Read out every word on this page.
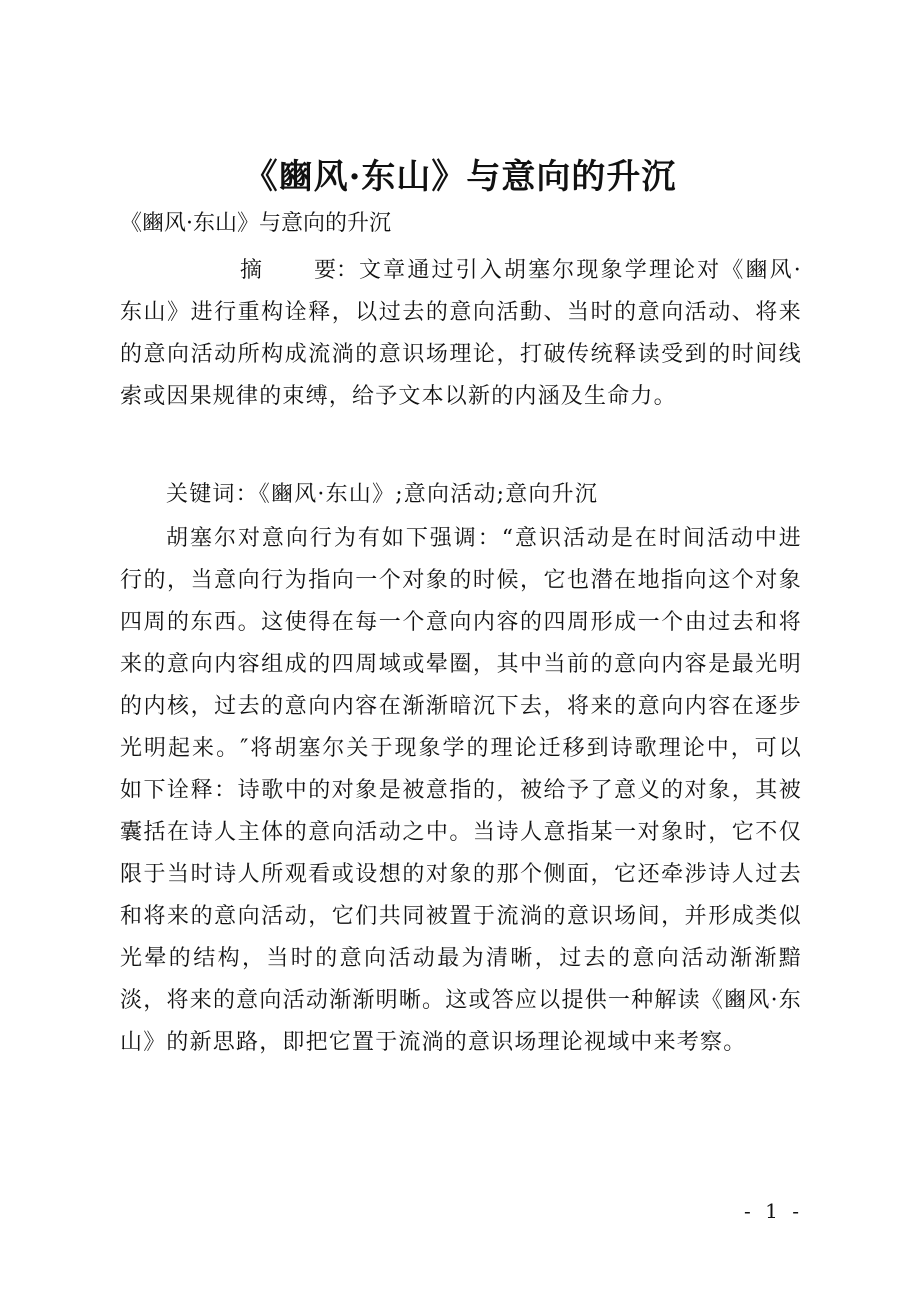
《豳风·东山》与意向的升沉
《豳风·东山》与意向的升沉
摘 要：文章通过引入胡塞尔现象学理论对《豳风·东山》进行重构诠释，以过去的意向活動、当时的意向活动、将来的意向活动所构成流淌的意识场理论，打破传统释读受到的时间线索或因果规律的束缚，给予文本以新的内涵及生命力。
关键词：《豳风·东山》;意向活动;意向升沉
胡塞尔对意向行为有如下强调：“意识活动是在时间活动中进行的，当意向行为指向一个对象的时候，它也潜在地指向这个对象四周的东西。这使得在每一个意向内容的四周形成一个由过去和将来的意向内容组成的四周域或晕圈，其中当前的意向内容是最光明的内核，过去的意向内容在渐渐暗沉下去，将来的意向内容在逐步光明起来。″将胡塞尔关于现象学的理论迁移到诗歌理论中，可以如下诠释：诗歌中的对象是被意指的，被给予了意义的对象，其被囊括在诗人主体的意向活动之中。当诗人意指某一对象时，它不仅限于当时诗人所观看或设想的对象的那个侧面，它还牵涉诗人过去和将来的意向活动，它们共同被置于流淌的意识场间，并形成类似光晕的结构，当时的意向活动最为清晰，过去的意向活动渐渐黯淡，将来的意向活动渐渐明晰。这或答应以提供一种解读《豳风·东山》的新思路，即把它置于流淌的意识场理论视域中来考察。
- 1 -
